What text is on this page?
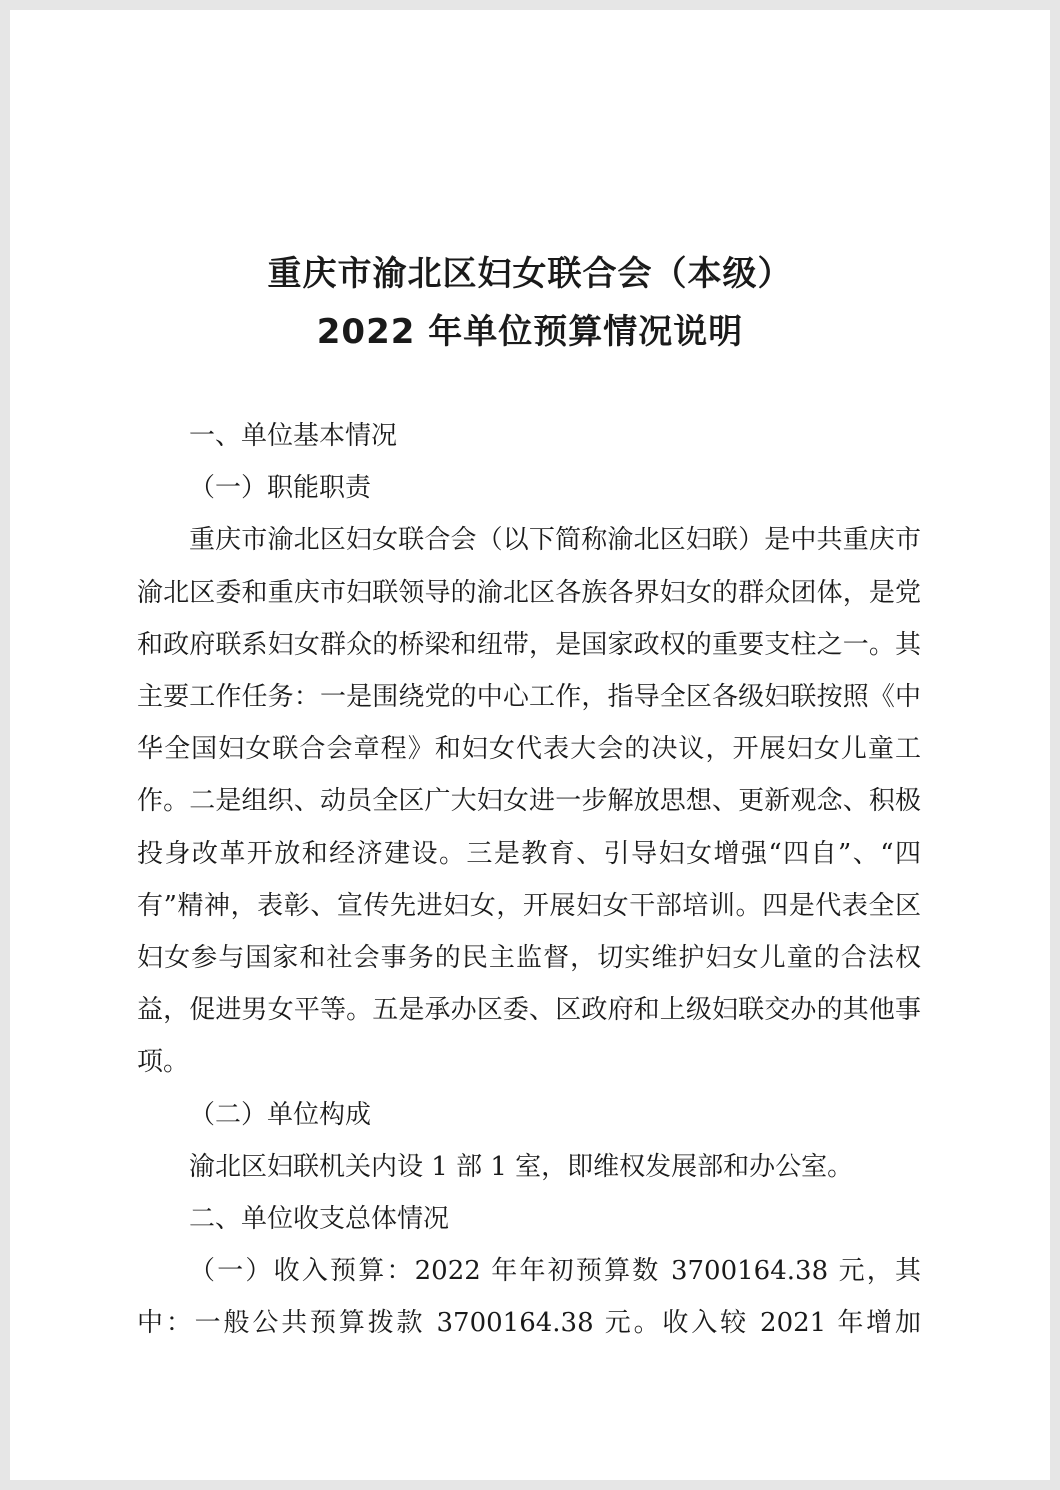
重庆市渝北区妇女联合会（本级）
2022 年单位预算情况说明

一、单位基本情况

（一）职能职责

重庆市渝北区妇女联合会（以下简称渝北区妇联）是中共重庆市渝北区委和重庆市妇联领导的渝北区各族各界妇女的群众团体，是党和政府联系妇女群众的桥梁和纽带，是国家政权的重要支柱之一。其主要工作任务：一是围绕党的中心工作，指导全区各级妇联按照《中华全国妇女联合会章程》和妇女代表大会的决议，开展妇女儿童工作。二是组织、动员全区广大妇女进一步解放思想、更新观念、积极投身改革开放和经济建设。三是教育、引导妇女增强“四自”、“四有”精神，表彰、宣传先进妇女，开展妇女干部培训。四是代表全区妇女参与国家和社会事务的民主监督，切实维护妇女儿童的合法权益，促进男女平等。五是承办区委、区政府和上级妇联交办的其他事项。

（二）单位构成

渝北区妇联机关内设 1 部 1 室，即维权发展部和办公室。

二、单位收支总体情况

（一）收入预算：2022 年年初预算数 3700164.38 元，其中：一般公共预算拨款 3700164.38 元。收入较 2021 年增加
